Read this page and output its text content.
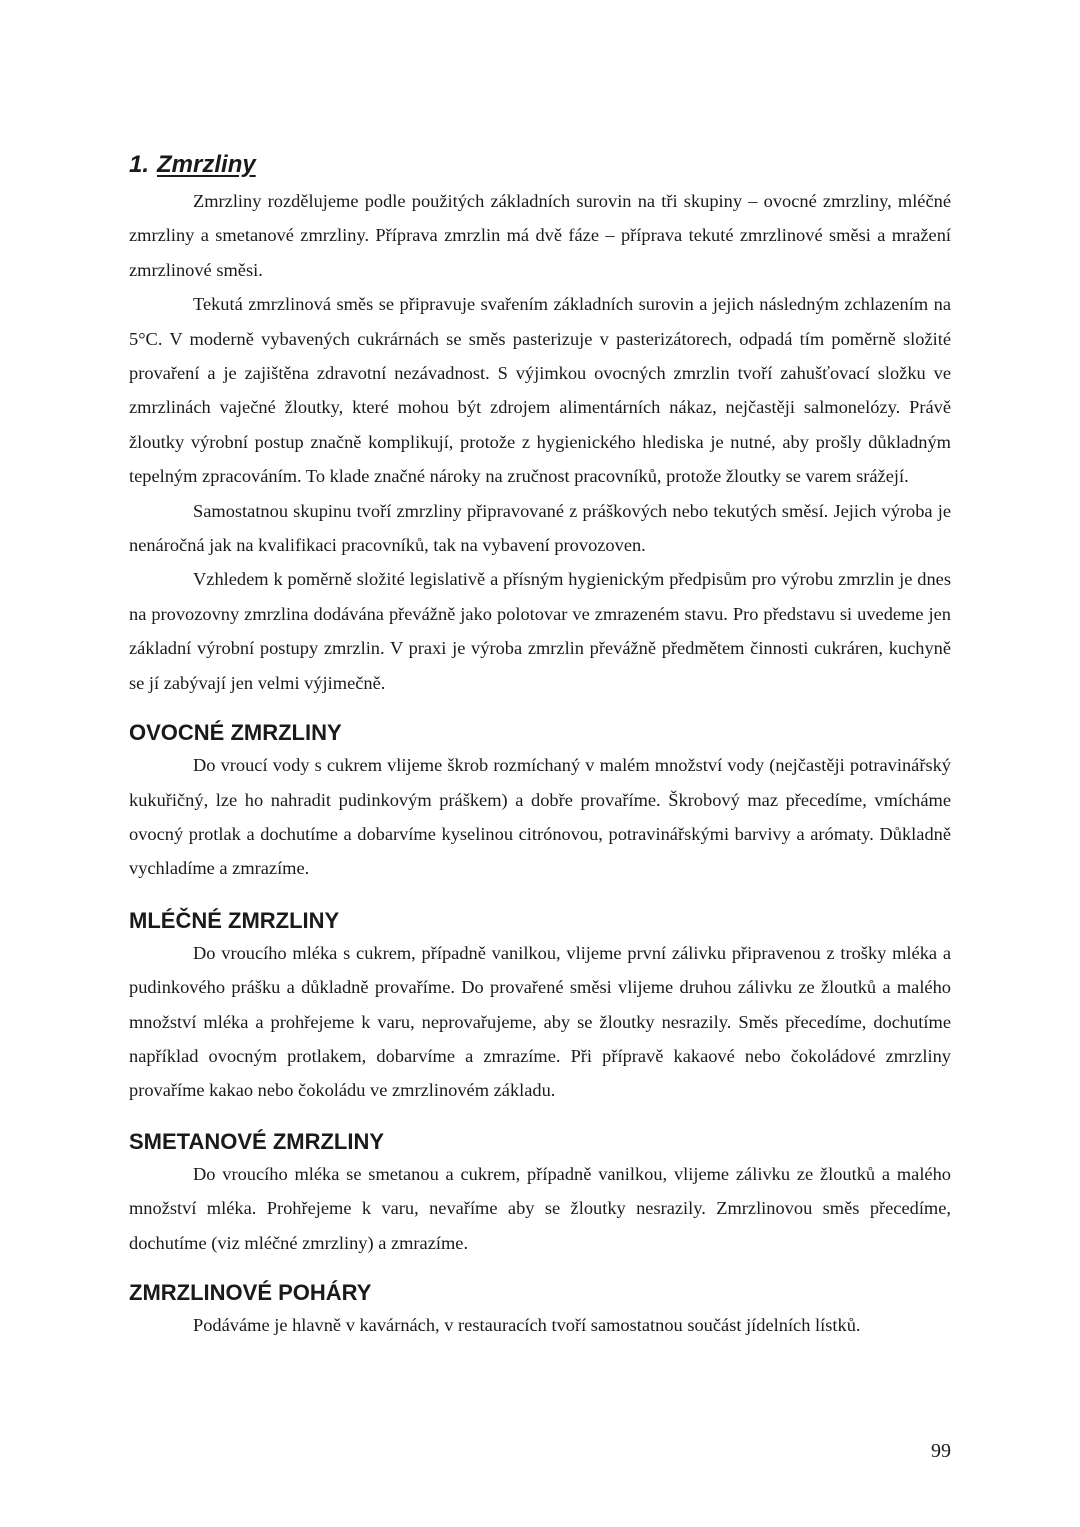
1. Zmrzliny

Zmrzliny rozdělujeme podle použitých základních surovin na tři skupiny – ovocné zmrzliny, mléčné zmrzliny a smetanové zmrzliny. Příprava zmrzlin má dvě fáze – příprava tekuté zmrzlinové směsi a mražení zmrzlinové směsi.

Tekutá zmrzlinová směs se připravuje svařením základních surovin a jejich následným zchlazením na 5°C. V moderně vybavených cukrárnách se směs pasterizuje v pasterizátorech, odpadá tím poměrně složité provaření a je zajištěna zdravotní nezávadnost. S výjimkou ovocných zmrzlin tvoří zahušťovací složku ve zmrzlinách vaječné žloutky, které mohou být zdrojem alimentárních nákaz, nejčastěji salmonelózy. Právě žloutky výrobní postup značně komplikují, protože z hygienického hlediska je nutné, aby prošly důkladným tepelným zpracováním. To klade značné nároky na zručnost pracovníků, protože žloutky se varem srážejí.

Samostatnou skupinu tvoří zmrzliny připravované z práškových nebo tekutých směsí. Jejich výroba je nenáročná jak na kvalifikaci pracovníků, tak na vybavení provozoven.

Vzhledem k poměrně složité legislativě a přísným hygienickým předpisům pro výrobu zmrzlin je dnes na provozovny zmrzlina dodávána převážně jako polotovar ve zmrazeném stavu. Pro představu si uvedeme jen základní výrobní postupy zmrzlin. V praxi je výroba zmrzlin převážně předmětem činnosti cukráren, kuchyně se jí zabývají jen velmi výjimečně.

OVOCNÉ ZMRZLINY

Do vroucí vody s cukrem vlijeme škrob rozmíchaný v malém množství vody (nejčastěji potravinářský kukuřičný, lze ho nahradit pudinkovým práškem) a dobře provaříme. Škrobový maz přecedíme, vmícháme ovocný protlak a dochutíme a dobarvíme kyselinou citrónovou, potravinářskými barvivy a arómaty. Důkladně vychladíme a zmrazíme.

MLÉČNÉ ZMRZLINY

Do vroucího mléka s cukrem, případně vanilkou, vlijeme první zálivku připravenou z trošky mléka a pudinkového prášku a důkladně provaříme. Do provařené směsi vlijeme druhou zálivku ze žloutků a malého množství mléka a prohřejeme k varu, neprovařujeme, aby se žloutky nesrazily. Směs přecedíme, dochutíme například ovocným protlakem, dobarvíme a zmrazíme. Při přípravě kakaové nebo čokoládové zmrzliny provaříme kakao nebo čokoládu ve zmrzlinovém základu.

SMETANOVÉ ZMRZLINY

Do vroucího mléka se smetanou a cukrem, případně vanilkou, vlijeme zálivku ze žloutků a malého množství mléka. Prohřejeme k varu, nevaříme aby se žloutky nesrazily. Zmrzlinovou směs přecedíme, dochutíme (viz mléčné zmrzliny) a zmrazíme.

ZMRZLINOVÉ POHÁRY

Podáváme je hlavně v kavárnách, v restauracích tvoří samostatnou součást jídelních lístků.

99
